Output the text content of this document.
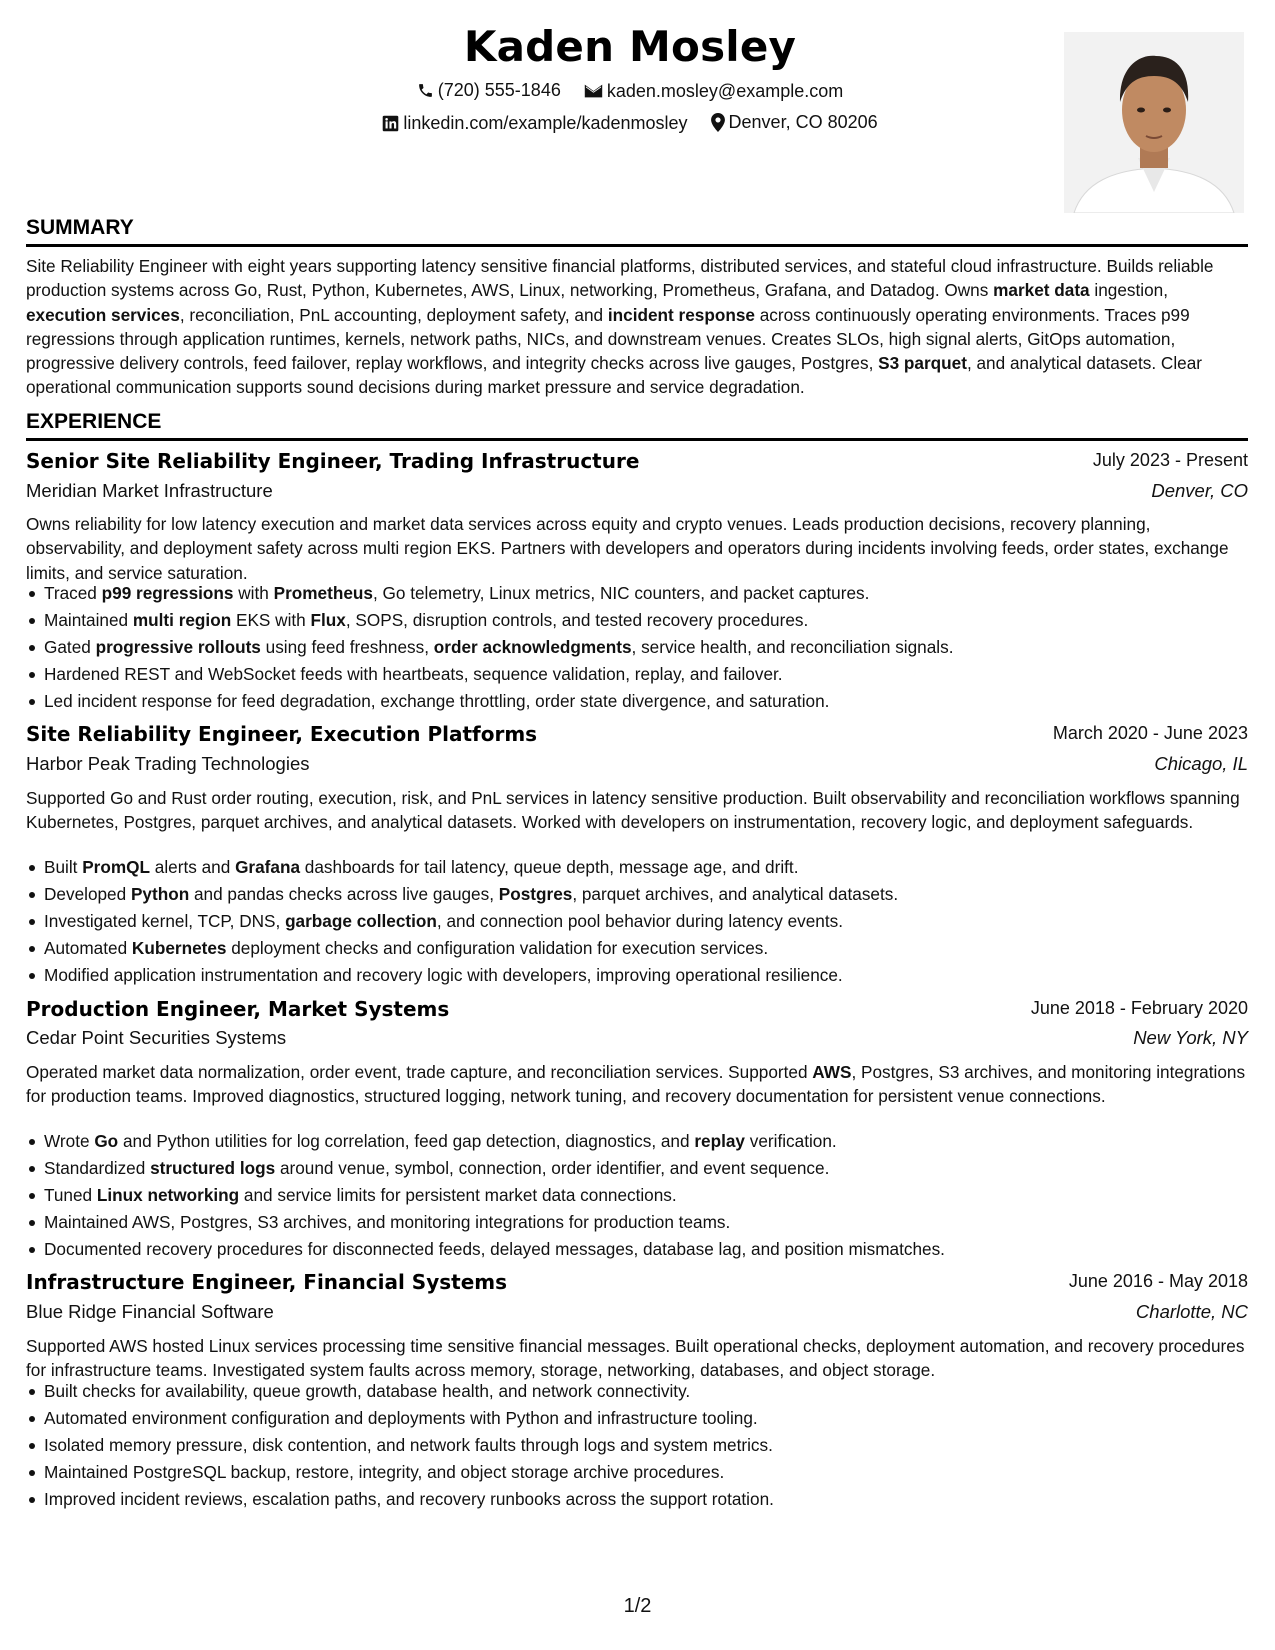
Kaden Mosley
(720) 555-1846
	kaden.mosley@example.com
linkedin.com/example/kadenmosley
Denver, CO 80206
SUMMARY
Site Reliability Engineer with eight years supporting latency sensitive financial platforms, distributed services, and stateful cloud infrastructure. Builds reliable production systems across Go, Rust, Python, Kubernetes, AWS, Linux, networking, Prometheus, Grafana, and Datadog. Owns market data ingestion, execution services, reconciliation, PnL accounting, deployment safety, and incident response across continuously operating environments. Traces p99 regressions through application runtimes, kernels, network paths, NICs, and downstream venues. Creates SLOs, high signal alerts, GitOps automation, progressive delivery controls, feed failover, replay workflows, and integrity checks across live gauges, Postgres, S3 parquet, and analytical datasets. Clear operational communication supports sound decisions during market pressure and service degradation.
EXPERIENCE
Senior Site Reliability Engineer, Trading Infrastructure	July 2023 - Present
Meridian Market Infrastructure	Denver, CO
Owns reliability for low latency execution and market data services across equity and crypto venues. Leads production decisions, recovery planning, observability, and deployment safety across multi region EKS. Partners with developers and operators during incidents involving feeds, order states, exchange limits, and service saturation.
Traced p99 regressions with Prometheus, Go telemetry, Linux metrics, NIC counters, and packet captures.
Maintained multi region EKS with Flux, SOPS, disruption controls, and tested recovery procedures.
Gated progressive rollouts using feed freshness, order acknowledgments, service health, and reconciliation signals.
Hardened REST and WebSocket feeds with heartbeats, sequence validation, replay, and failover.
Led incident response for feed degradation, exchange throttling, order state divergence, and saturation.
Site Reliability Engineer, Execution Platforms	March 2020 - June 2023
Harbor Peak Trading Technologies	Chicago, IL
Supported Go and Rust order routing, execution, risk, and PnL services in latency sensitive production. Built observability and reconciliation workflows spanning Kubernetes, Postgres, parquet archives, and analytical datasets. Worked with developers on instrumentation, recovery logic, and deployment safeguards.
Built PromQL alerts and Grafana dashboards for tail latency, queue depth, message age, and drift.
Developed Python and pandas checks across live gauges, Postgres, parquet archives, and analytical datasets.
Investigated kernel, TCP, DNS, garbage collection, and connection pool behavior during latency events.
Automated Kubernetes deployment checks and configuration validation for execution services.
Modified application instrumentation and recovery logic with developers, improving operational resilience.
Production Engineer, Market Systems	June 2018 - February 2020
Cedar Point Securities Systems	New York, NY
Operated market data normalization, order event, trade capture, and reconciliation services. Supported AWS, Postgres, S3 archives, and monitoring integrations for production teams. Improved diagnostics, structured logging, network tuning, and recovery documentation for persistent venue connections.
Wrote Go and Python utilities for log correlation, feed gap detection, diagnostics, and replay verification.
Standardized structured logs around venue, symbol, connection, order identifier, and event sequence.
Tuned Linux networking and service limits for persistent market data connections.
Maintained AWS, Postgres, S3 archives, and monitoring integrations for production teams.
Documented recovery procedures for disconnected feeds, delayed messages, database lag, and position mismatches.
Infrastructure Engineer, Financial Systems	June 2016 - May 2018
Blue Ridge Financial Software	Charlotte, NC
Supported AWS hosted Linux services processing time sensitive financial messages. Built operational checks, deployment automation, and recovery procedures for infrastructure teams. Investigated system faults across memory, storage, networking, databases, and object storage.
Built checks for availability, queue growth, database health, and network connectivity.
Automated environment configuration and deployments with Python and infrastructure tooling.
Isolated memory pressure, disk contention, and network faults through logs and system metrics.
Maintained PostgreSQL backup, restore, integrity, and object storage archive procedures.
Improved incident reviews, escalation paths, and recovery runbooks across the support rotation.
1/2
